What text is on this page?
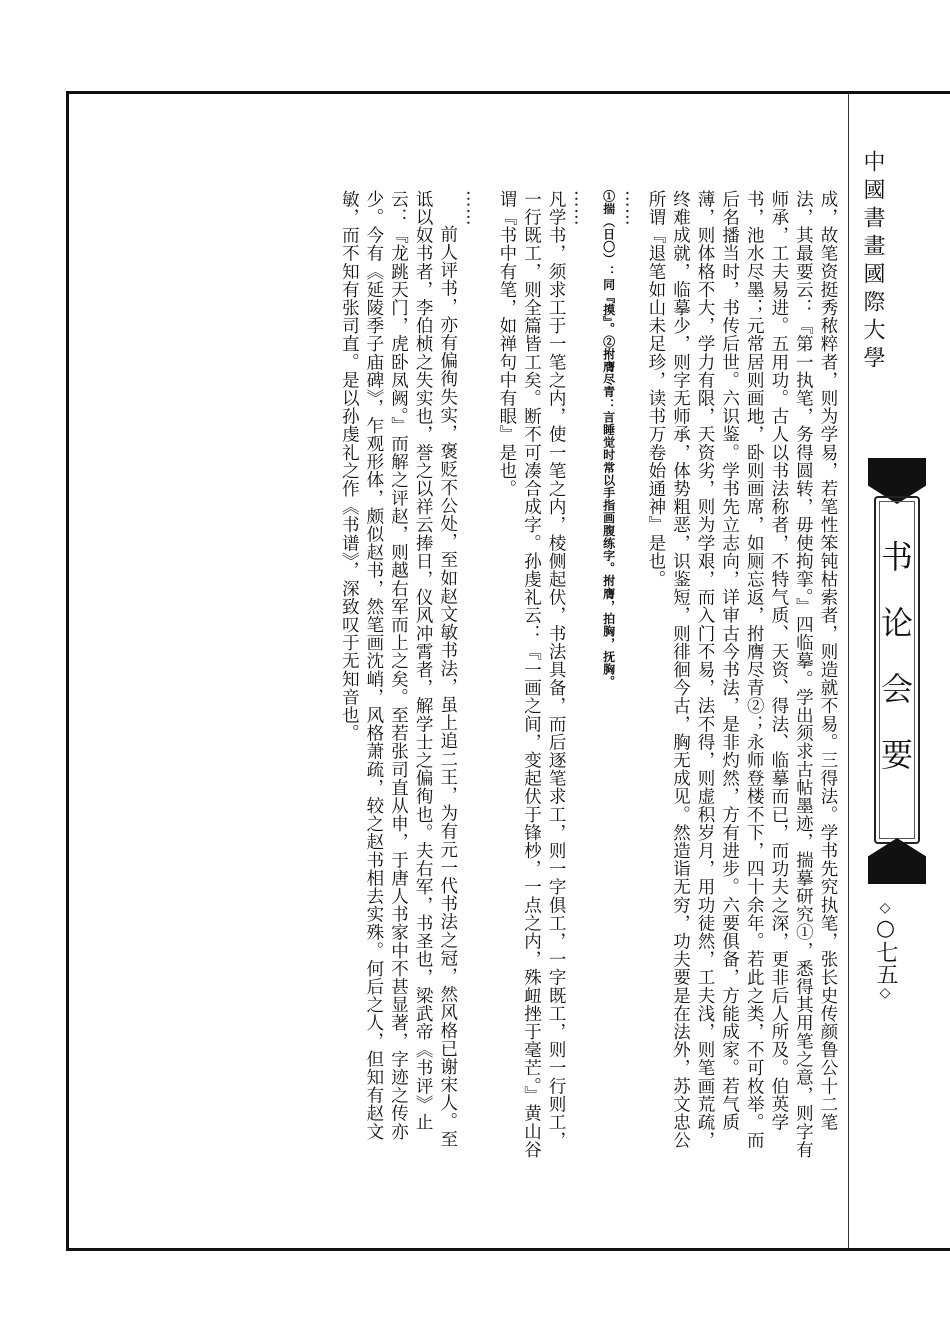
中國書畫國際大學
书论会要
◇○七五◇

成，故笔资挺秀秾粹者，则为学易，若笔性笨钝枯索者，则造就不易。三得法。学书先究执笔，张长史传颜鲁公十二笔法，其最要云：『第一执笔，务得圆转，毋使拘挛。』四临摹。学出须求古帖墨迹，揣摹研究①，悉得其用笔之意，则字有师承，工夫易进。五用功。古人以书法称者，不特气质、天资、得法、临摹而已，而功夫之深，更非后人所及。伯英学书，池水尽墨；元常居则画地，卧则画席，如厕忘返，拊膺尽青②；永师登楼不下，四十余年。若此之类，不可枚举。而后名播当时，书传后世。六识鉴。学书先立志向，详审古今书法，是非灼然，方有进步。六要俱备，方能成家。若气质薄，则体格不大，学力有限，天资劣，则为学艰，而入门不易，法不得，则虚积岁月，用功徒然，工夫浅，则笔画荒疏，终难成就，临摹少，则字无师承，体势粗恶，识鉴短，则徘徊今古，胸无成见。然造诣无穷，功夫要是在法外，苏文忠公所谓『退笔如山未足珍，读书万卷始通神』是也。

……

①揣（日〇）：同『摸』。②拊膺尽青：言睡觉时常以手指画腹练字。拊膺，拍胸，抚胸。

……

凡学书，须求工于一笔之内，使一笔之内，棱侧起伏，书法具备，而后逐笔求工，则一字俱工，一字既工，则一行则工，一行既工，则全篇皆工矣。断不可凑合成字。孙虔礼云：『一画之间，变起伏于锋杪，一点之内，殊衄挫于毫芒。』黄山谷谓『书中有笔，如禅句中有眼』是也。

……

前人评书，亦有偏徇失实，褒贬不公处，至如赵文敏书法，虽上追二王，为有元一代书法之冠，然风格已谢宋人。至诋以奴书者，李伯桢之失实也，誉之以祥云捧日，仪风冲霄者，解学士之偏徇也。夫右军，书圣也，梁武帝《书评》止云：『龙跳天门，虎卧凤阙。』而解之评赵，则越右军而上之矣。至若张司直从申，于唐人书家中不甚显著，字迹之传亦少。今有《延陵季子庙碑》，乍观形体，颇似赵书，然笔画沈峭，风格萧疏，较之赵书相去实殊。何后之人，但知有赵文敏，而不知有张司直。是以孙虔礼之作《书谱》，深致叹于无知音也。
